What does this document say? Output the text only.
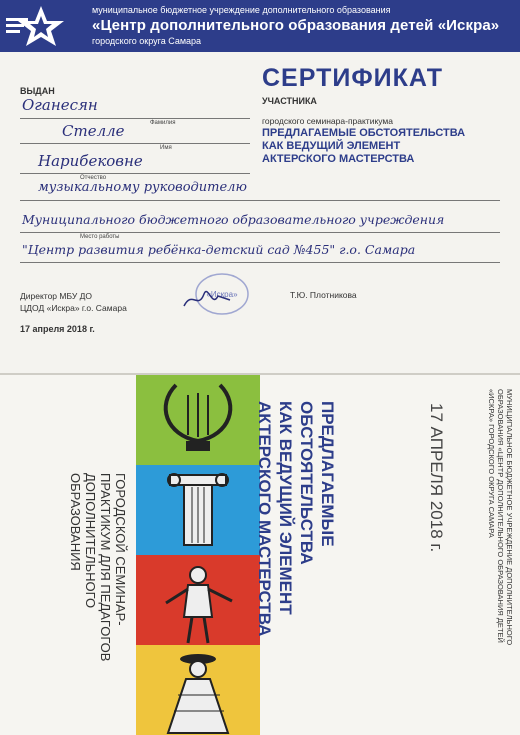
муниципальное бюджетное учреждение дополнительного образования
«Центр дополнительного образования детей «Искра»
городского округа Самара
СЕРТИФИКАТ
УЧАСТНИКА
городского семинара-практикума
ПРЕДЛАГАЕМЫЕ ОБСТОЯТЕЛЬСТВА
КАК ВЕДУЩИЙ ЭЛЕМЕНТ
АКТЕРСКОГО МАСТЕРСТВА
ВЫДАН
Оганесян
Фамилия
Стелле
Имя
Нарибековне
Отчество
музыкальному руководителю
Муниципального бюджетного образовательного учреждения
Место работы
"Центр развития ребёнка-детский сад №455" г.о. Самара
Директор МБУ ДО
ЦДОД «Искра» г.о. Самара
«Искра»	Т.Ю. Плотникова
17 апреля 2018 г.
МУНИЦИПАЛЬНОЕ БЮДЖЕТНОЕ УЧРЕЖДЕНИЕ ДОПОЛНИТЕЛЬНОГО
ОБРАЗОВАНИЯ «ЦЕНТР ДОПОЛНИТЕЛЬНОГО ОБРАЗОВАНИЯ ДЕТЕЙ
«ИСКРА» ГОРОДСКОГО ОКРУГА САМАРА
17 АПРЕЛЯ 2018 г.
ПРЕДЛАГАЕМЫЕ
ОБСТОЯТЕЛЬСТВА
КАК ВЕДУЩИЙ ЭЛЕМЕНТ
АКТЕРСКОГО МАСТЕРСТВА
ГОРОДСКОЙ СЕМИНАР-
ПРАКТИКУМ ДЛЯ ПЕДАГОГОВ
ДОПОЛНИТЕЛЬНОГО
ОБРАЗОВАНИЯ
